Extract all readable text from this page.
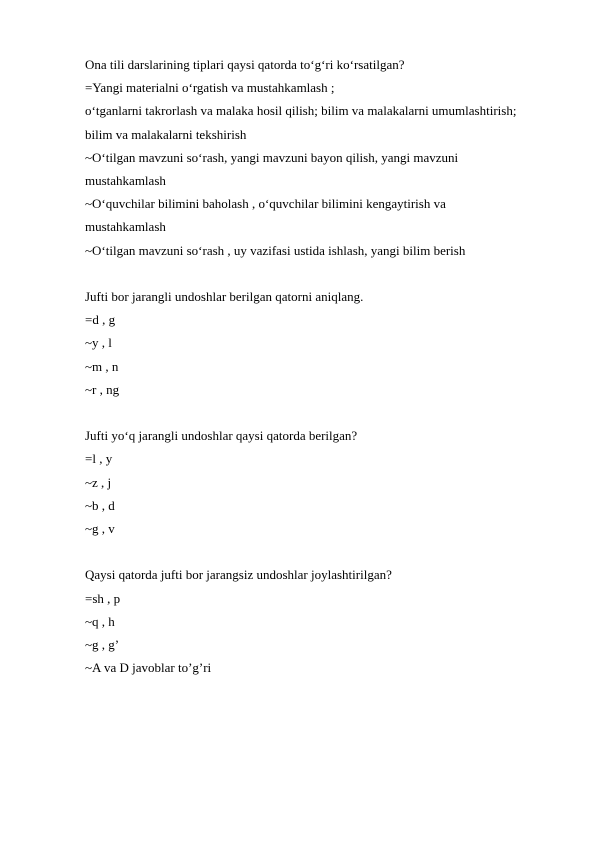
Ona tili darslarining tiplari qaysi qatorda to‘g‘ri ko‘rsatilgan?
=Yangi materialni o‘rgatish va mustahkamlash ;
o‘tganlarni takrorlash va malaka hosil qilish; bilim va malakalarni umumlashtirish;
bilim va malakalarni tekshirish
~O‘tilgan mavzuni so‘rash, yangi mavzuni bayon qilish, yangi mavzuni
mustahkamlash
~O‘quvchilar bilimini baholash , o‘quvchilar bilimini kengaytirish va
mustahkamlash
~O‘tilgan mavzuni so‘rash , uy vazifasi ustida ishlash, yangi bilim berish
Jufti bor jarangli undoshlar berilgan qatorni aniqlang.
=d , g
~y , l
~m , n
~r , ng
Jufti yo‘q jarangli undoshlar qaysi qatorda berilgan?
=l , y
~z , j
~b , d
~g , v
Qaysi qatorda jufti bor jarangsiz undoshlar joylashtirilgan?
=sh , p
~q , h
~g , g’
~A va D javoblar to’g’ri
